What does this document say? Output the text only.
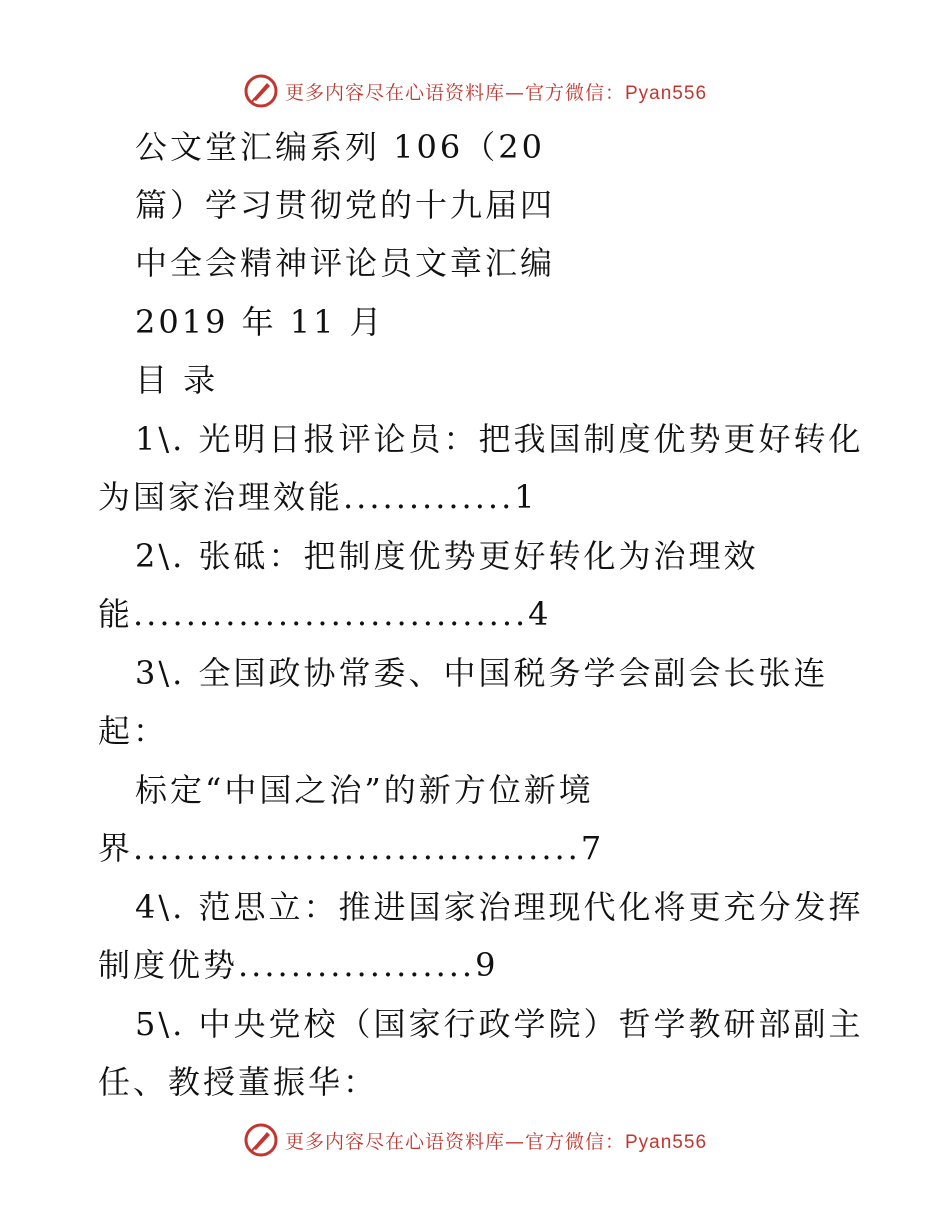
更多内容尽在心语资料库—官方微信：Pyan556
公文堂汇编系列 106（20
篇）学习贯彻党的十九届四
中全会精神评论员文章汇编
2019 年 11 月
目 录
1\. 光明日报评论员：把我国制度优势更好转化
为国家治理效能.............1
2\. 张砥：把制度优势更好转化为治理效
能..............................4
3\. 全国政协常委、中国税务学会副会长张连
起：
标定“中国之治”的新方位新境
界..................................7
4\. 范思立：推进国家治理现代化将更充分发挥
制度优势..................9
5\. 中央党校（国家行政学院）哲学教研部副主
任、教授董振华：
更多内容尽在心语资料库—官方微信：Pyan556
